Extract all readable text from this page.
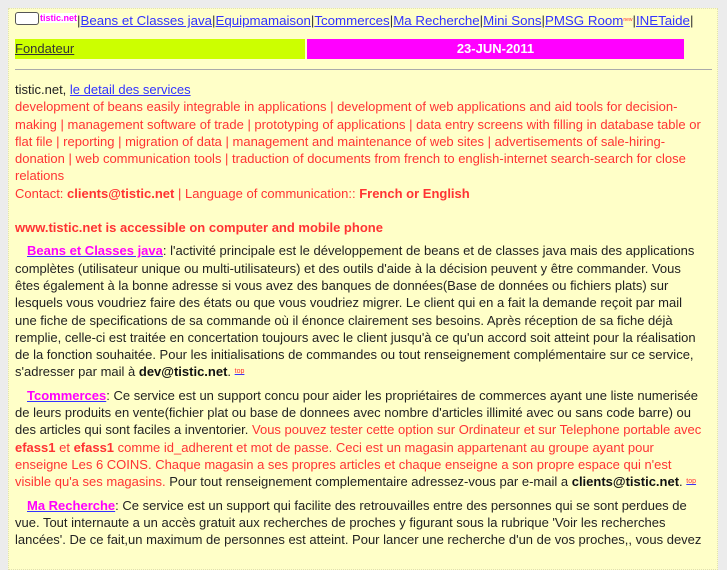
tistic.net|Beans et Classes java|Equipmamaison|Tcommerces|Ma Recherche|Mini Sons|PMSG Roomnew|INETaide|
Fondateur	23-JUN-2011

tistic.net, le detail des services

development of beans easily integrable in applications | development of web applications and aid tools for decision-making | management software of trade | prototyping of applications | data entry screens with filling in database table or flat file | reporting | migration of data | management and maintenance of web sites | advertisements of sale-hiring-donation | web communication tools | traduction of documents from french to english-internet search-search for close relations

Contact: clients@tistic.net | Language of communication:: French or English

www.tistic.net is accessible on computer and mobile phone

Beans et Classes java: l'activité principale est le développement de beans et de classes java mais des applications complètes (utilisateur unique ou multi-utilisateurs) et des outils d'aide à la décision peuvent y être commander. Vous êtes également à la bonne adresse si vous avez des banques de données(Base de données ou fichiers plats) sur lesquels vous voudriez faire des états ou que vous voudriez migrer. Le client qui en a fait la demande reçoit par mail une fiche de specifications de sa commande où il énonce clairement ses besoins. Après réception de sa fiche déjà remplie, celle-ci est traitée en concertation toujours avec le client jusqu'à ce qu'un accord soit atteint pour la réalisation de la fonction souhaitée. Pour les initialisations de commandes ou tout renseignement complémentaire sur ce service, s'adresser par mail à dev@tistic.net. $^{top}$

Tcommerces: Ce service est un support concu pour aider les propriétaires de commerces ayant une liste numerisée de leurs produits en vente(fichier plat ou base de donnees avec nombre d'articles illimité avec ou sans code barre) ou des articles qui sont faciles a inventorier. Vous pouvez tester cette option sur Ordinateur et sur Telephone portable avec efass1 et efass1 comme id_adherent et mot de passe. Ceci est un magasin appartenant au groupe ayant pour enseigne Les 6 COINS. Chaque magasin a ses propres articles et chaque enseigne a son propre espace qui n'est visible qu'a ses magasins. Pour tout renseignement complementaire adressez-vous par e-mail a clients@tistic.net. $^{top}$

Ma Recherche: Ce service est un support qui facilite des retrouvailles entre des personnes qui se sont perdues de vue. Tout internaute a un accès gratuit aux recherches de proches y figurant sous la rubrique 'Voir les recherches lancées'. De ce fait,un maximum de personnes est atteint. Pour lancer une recherche d'un de vos proches,, vous devez
